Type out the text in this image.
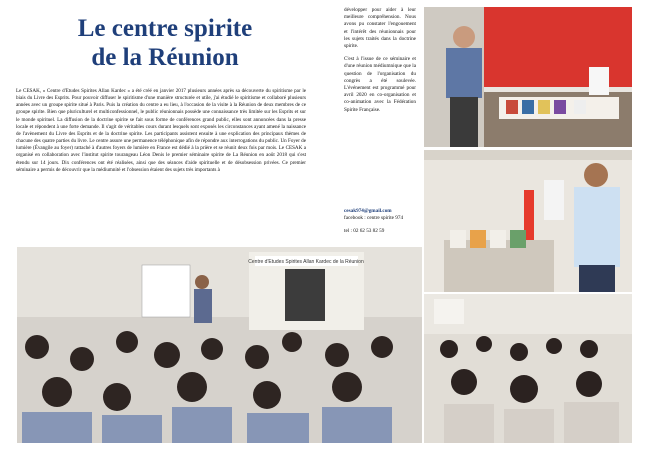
Le centre spirite
de la Réunion

Le CESAK, « Centre d'Etudes Spirites Allan Kardec » a été créé en janvier 2017 plusieurs années après sa découverte du spiritisme par le biais du Livre des Esprits. Pour pouvoir diffuser le spiritisme d'une manière structurée et utile, j'ai étudié le spiritisme et collaboré plusieurs années avec un groupe spirite situé à Paris. Puis la création du centre a eu lieu, à l'occasion de la visite à la Réunion de deux membres de ce groupe spirite. Bien que pluriculturel et multiconfessionnel, le public réunionnais possède une connaissance très limitée sur les Esprits et sur le monde spirituel. La diffusion de la doctrine spirite se fait sous forme de conférences grand public, elles sont annoncées dans la presse locale et répondent à une forte demande. Il s'agit de véritables cours durant lesquels sont exposés les circonstances ayant amené la naissance de l'avènement du Livre des Esprits et de la doctrine spirite. Les participants assistent ensuite à une explication des principaux thèmes de chacune des quatre parties du livre. Le centre assure une permanence téléphonique afin de répondre aux interrogations du public. Un Foyer de lumière (Évangile au foyer) rattaché à d'autres foyers de lumière en France est dédié à la prière et se réunit deux fois par mois. Le CESAK a organisé en collaboration avec l'institut spirite tourangeau Léon Denis le premier séminaire spirite de La Réunion en août 2018 qui s'est étendu sur 14 jours. Dix conférences ont été réalisées, ainsi que des séances d'aide spirituelle et de désobsession privées. Ce premier séminaire a permis de découvrir que la médiumnité et l'obsession étaient des sujets très importants à

développer pour aider à leur meilleure compréhension. Nous avons pu constater l'engouement et l'intérêt des réunionnais pour les sujets traités dans la doctrine spirite.

C'est à l'issue de ce séminaire et d'une réunion médiumnique que la question de l'organisation du congrès a été soulevée. L'événement est programmé pour avril 2020 en co-organisation et co-animation avec la Fédération Spirite Française.

cesak974@gmail.com
facebook : centre spirite 974
tel : 02 62 53 82 59
Centre d'Etudes Spirites Allan Kardec de la Réunion
